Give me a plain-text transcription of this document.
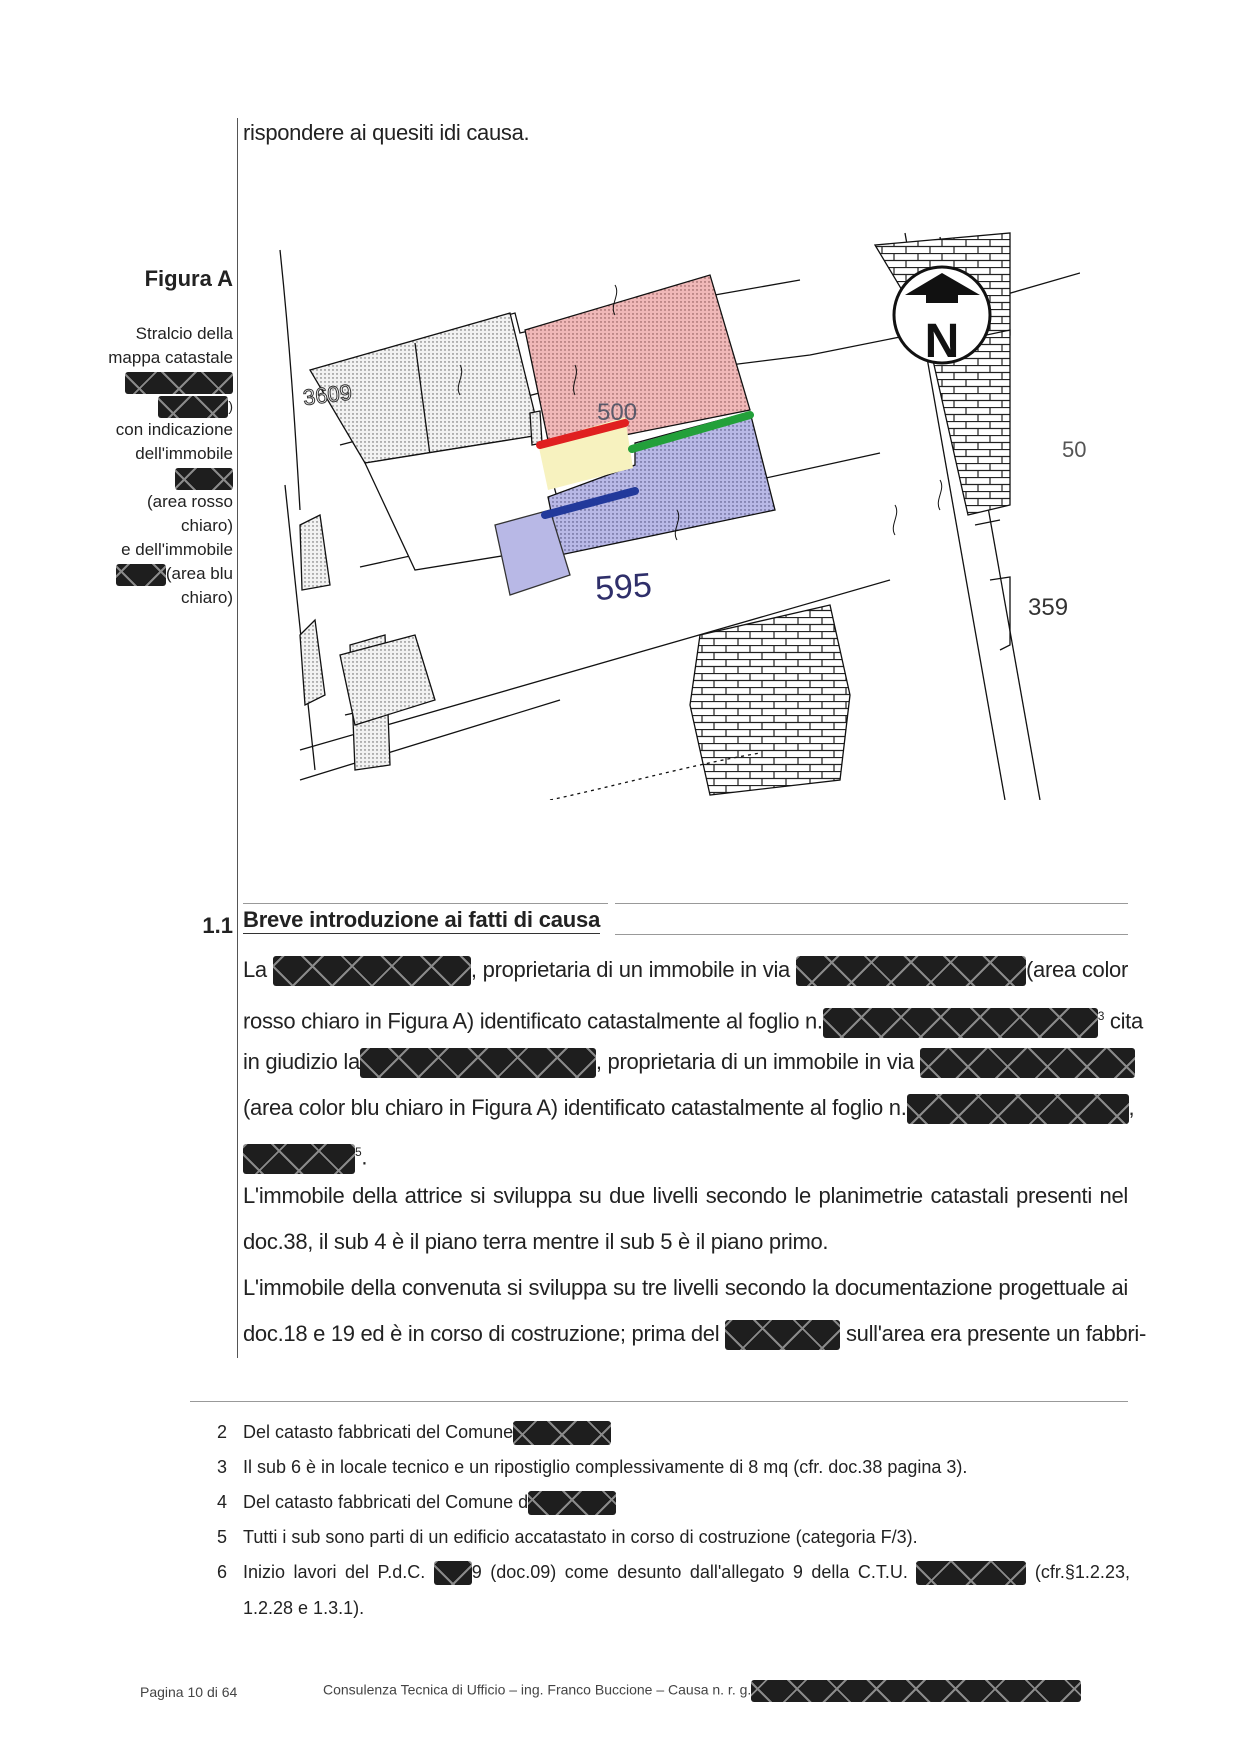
rispondere ai quesiti idi causa.
Figura A
Stralcio della
mappa catastale
)
con indicazione
dell'immobile
(area rosso
chiaro)
e dell'immobile
(area blu
chiaro)
3609
500
595	359
50
N
1.1 Breve introduzione ai fatti di causa
La	, proprietaria di un immobile in via	(area color
rosso chiaro in Figura A) identificato catastalmente al foglio n.	$^3$ cita
in giudizio la	, proprietaria di un immobile in via
(area color blu chiaro in Figura A) identificato catastalmente al foglio n.	,
$^5$.
L'immobile della attrice si sviluppa su due livelli secondo le planimetrie catastali presenti nel
doc.38, il sub 4 è il piano terra mentre il sub 5 è il piano primo.
L'immobile della convenuta si sviluppa su tre livelli secondo la documentazione progettuale ai
doc.18 e 19 ed è in corso di costruzione; prima del	sull'area era presente un fabbri-
2 Del catasto fabbricati del Comune
3 Il sub 6 è in locale tecnico e un ripostiglio complessivamente di 8 mq (cfr. doc.38 pagina 3).
4 Del catasto fabbricati del Comune d
5 Tutti i sub sono parti di un edificio accatastato in corso di costruzione (categoria F/3).
6 Inizio lavori del P.d.C.	9 (doc.09) come desunto dall'allegato 9 della C.T.U.	(cfr.§1.2.23,
1.2.28 e 1.3.1).
Pagina 10 di 64	Consulenza Tecnica di Ufficio – ing. Franco Buccione – Causa n. r. g.
